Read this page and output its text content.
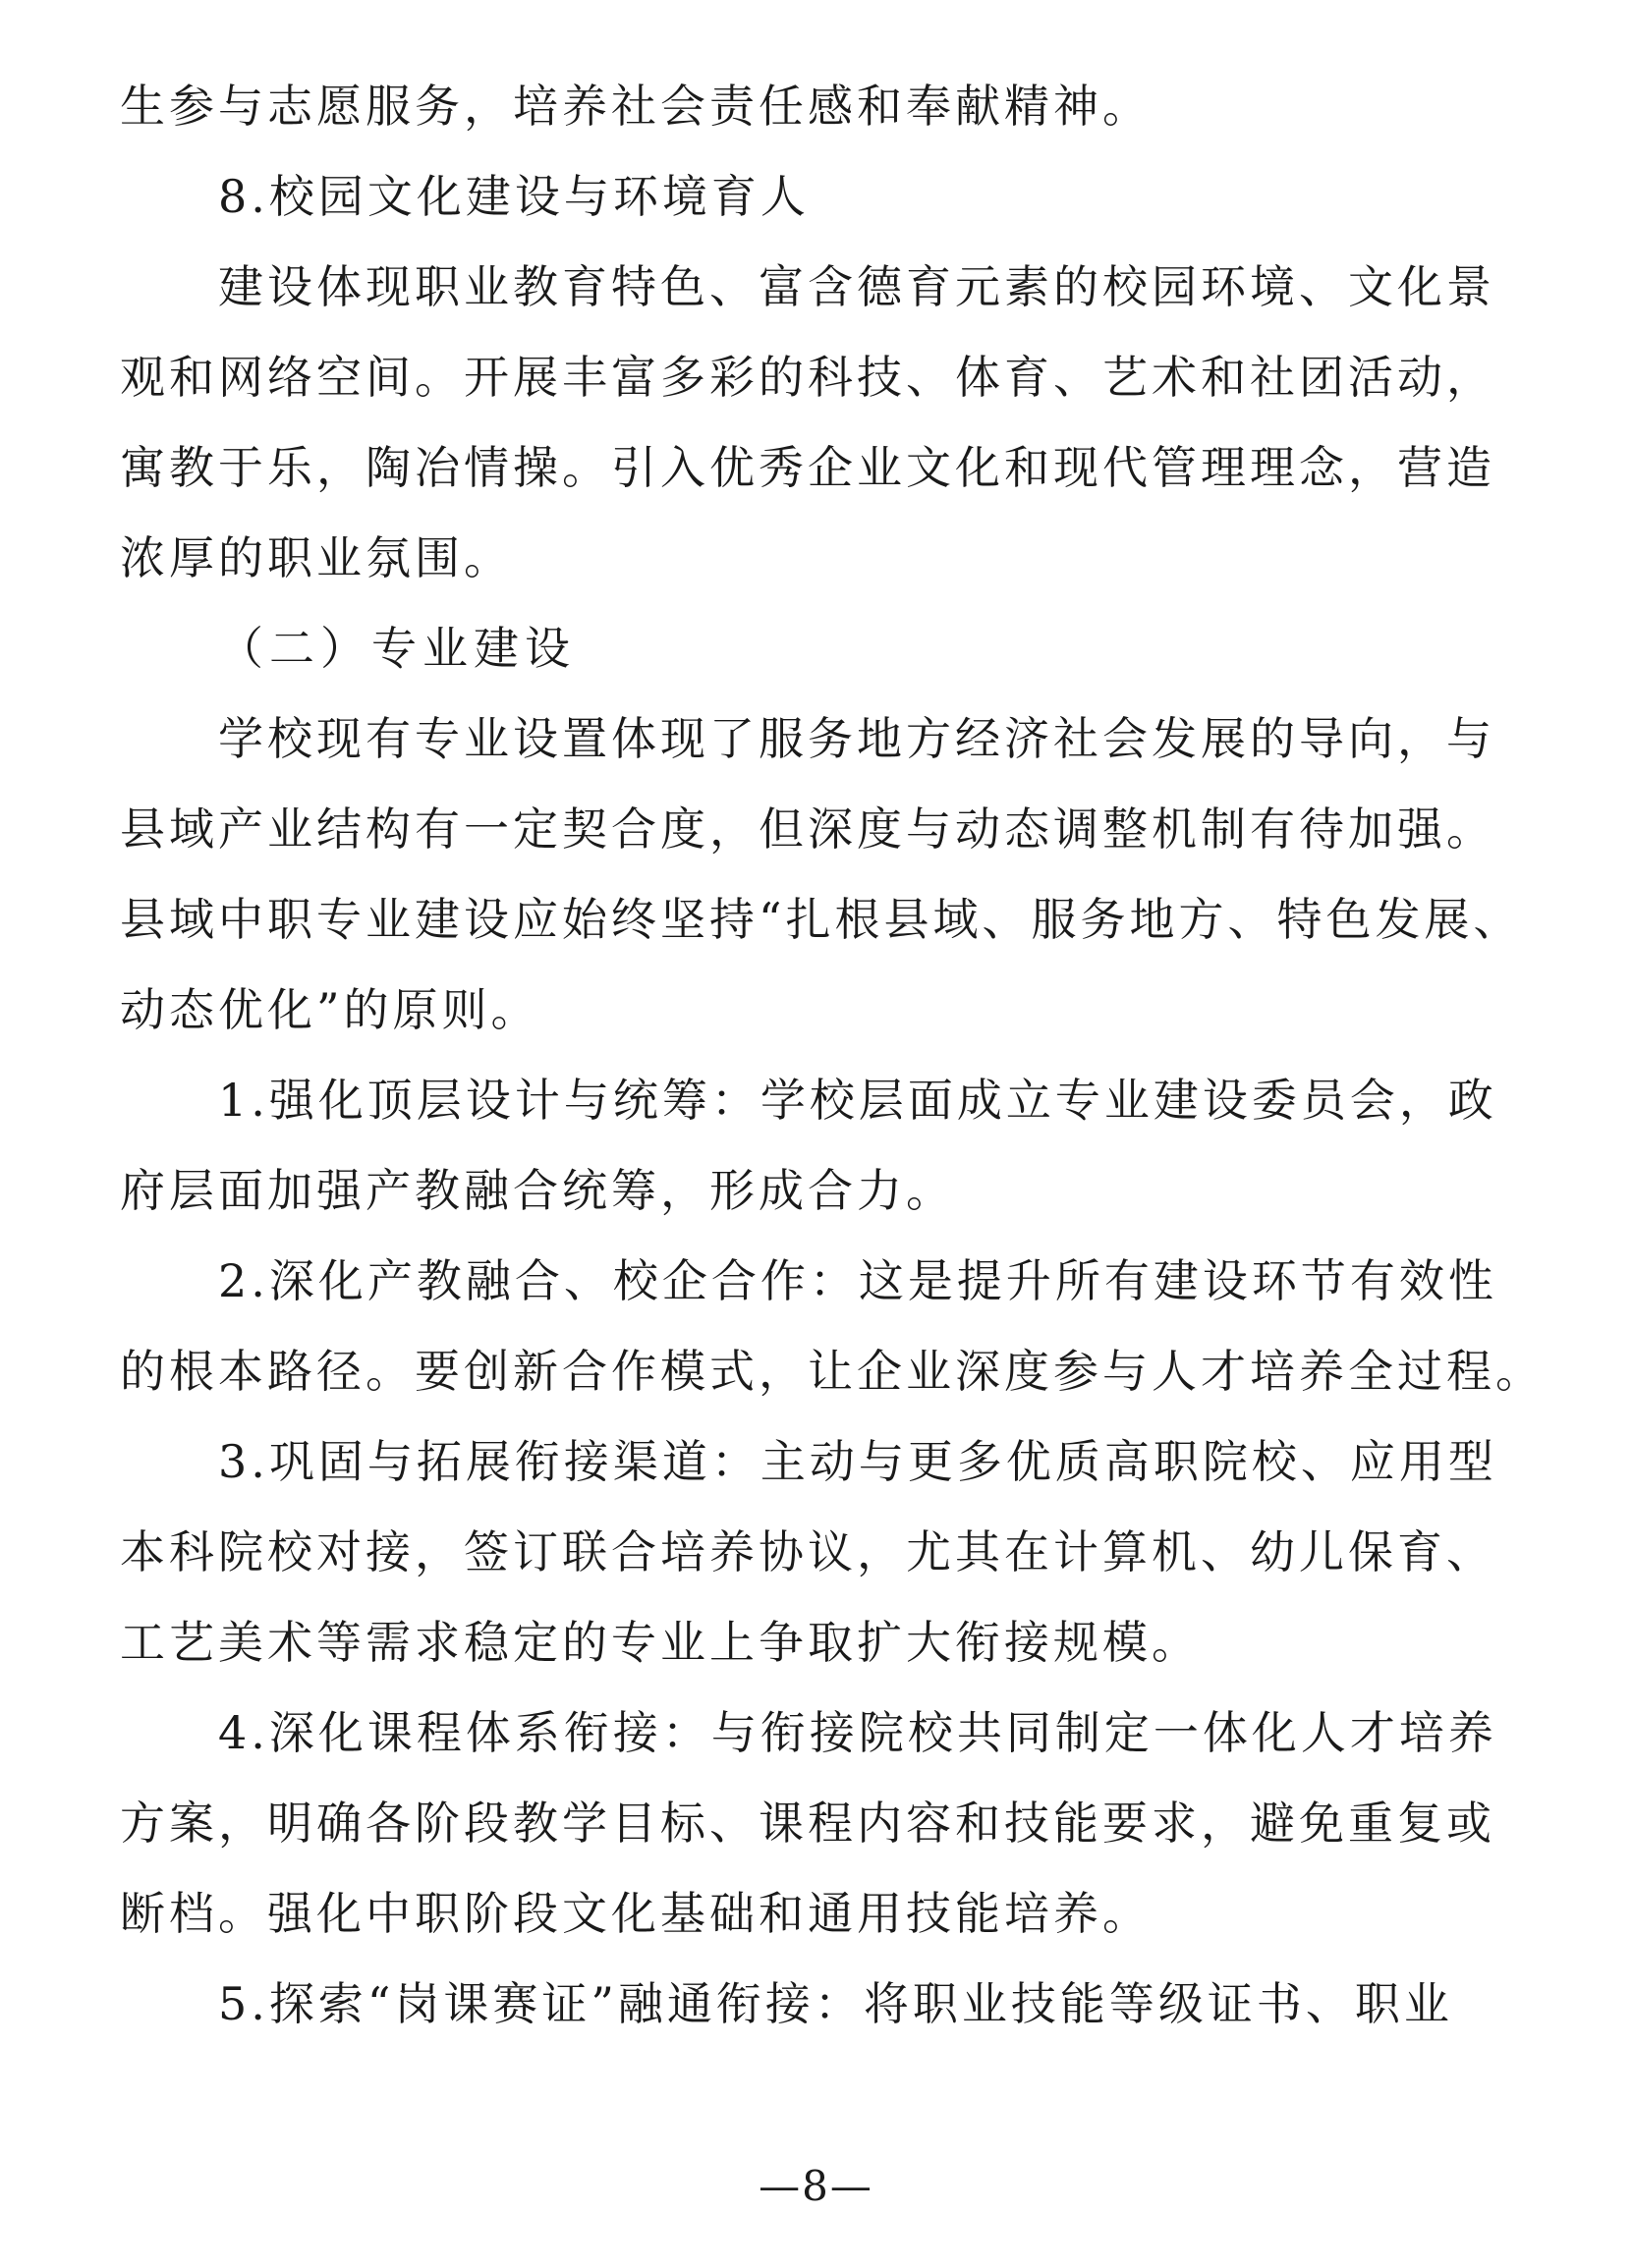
生参与志愿服务，培养社会责任感和奉献精神。
8.校园文化建设与环境育人
建设体现职业教育特色、富含德育元素的校园环境、文化景
观和网络空间。开展丰富多彩的科技、体育、艺术和社团活动，
寓教于乐，陶冶情操。引入优秀企业文化和现代管理理念，营造
浓厚的职业氛围。
（二）专业建设
学校现有专业设置体现了服务地方经济社会发展的导向，与
县域产业结构有一定契合度，但深度与动态调整机制有待加强。
县域中职专业建设应始终坚持“扎根县域、服务地方、特色发展、
动态优化”的原则。
1.强化顶层设计与统筹：学校层面成立专业建设委员会，政
府层面加强产教融合统筹，形成合力。
2.深化产教融合、校企合作：这是提升所有建设环节有效性
的根本路径。要创新合作模式，让企业深度参与人才培养全过程。
3.巩固与拓展衔接渠道：主动与更多优质高职院校、应用型
本科院校对接，签订联合培养协议，尤其在计算机、幼儿保育、
工艺美术等需求稳定的专业上争取扩大衔接规模。
4.深化课程体系衔接：与衔接院校共同制定一体化人才培养
方案，明确各阶段教学目标、课程内容和技能要求，避免重复或
断档。强化中职阶段文化基础和通用技能培养。
5.探索“岗课赛证”融通衔接：将职业技能等级证书、职业
—8—
